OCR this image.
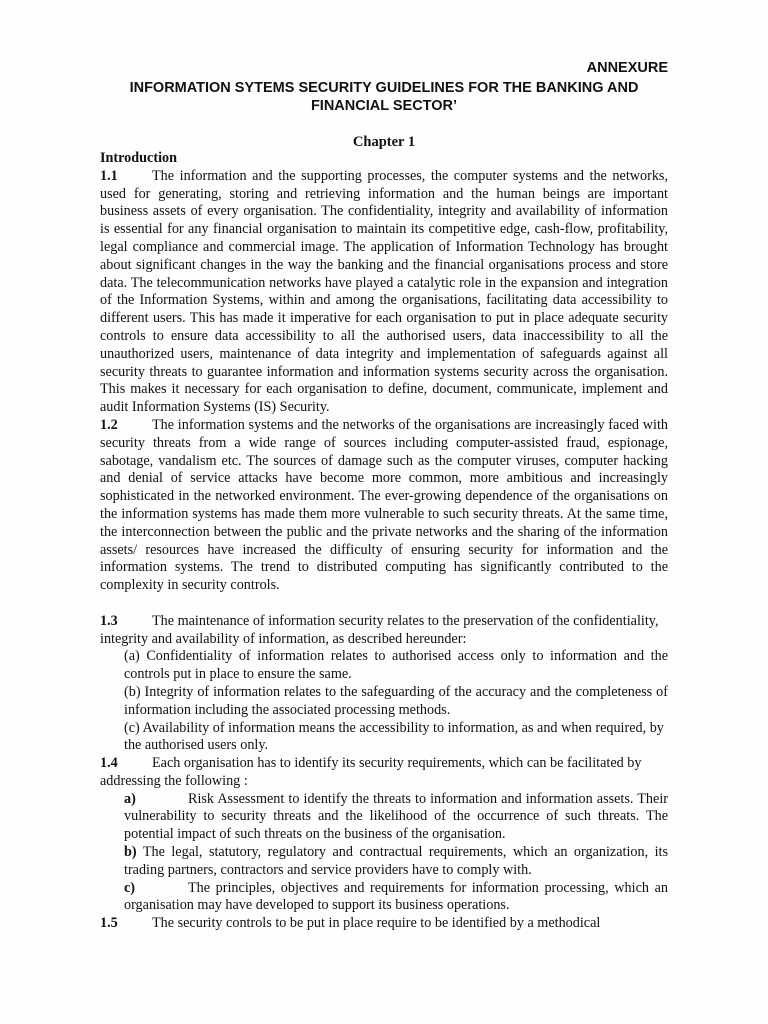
ANNEXURE
INFORMATION SYTEMS SECURITY GUIDELINES FOR THE BANKING AND FINANCIAL SECTOR’
Chapter 1

Introduction

1.1 The information and the supporting processes, the computer systems and the networks, used for generating, storing and retrieving information and the human beings are important business assets of every organisation. The confidentiality, integrity and availability of information is essential for any financial organisation to maintain its competitive edge, cash-flow, profitability, legal compliance and commercial image. The application of Information Technology has brought about significant changes in the way the banking and the financial organisations process and store data. The telecommunication networks have played a catalytic role in the expansion and integration of the Information Systems, within and among the organisations, facilitating data accessibility to different users. This has made it imperative for each organisation to put in place adequate security controls to ensure data accessibility to all the authorised users, data inaccessibility to all the unauthorized users, maintenance of data integrity and implementation of safeguards against all security threats to guarantee information and information systems security across the organisation. This makes it necessary for each organisation to define, document, communicate, implement and audit Information Systems (IS) Security.

1.2 The information systems and the networks of the organisations are increasingly faced with security threats from a wide range of sources including computer-assisted fraud, espionage, sabotage, vandalism etc. The sources of damage such as the computer viruses, computer hacking and denial of service attacks have become more common, more ambitious and increasingly sophisticated in the networked environment. The ever-growing dependence of the organisations on the information systems has made them more vulnerable to such security threats. At the same time, the interconnection between the public and the private networks and the sharing of the information assets/ resources have increased the difficulty of ensuring security for information and the information systems. The trend to distributed computing has significantly contributed to the complexity in security controls.

1.3 The maintenance of information security relates to the preservation of the confidentiality, integrity and availability of information, as described hereunder:

(a) Confidentiality of information relates to authorised access only to information and the controls put in place to ensure the same.

(b) Integrity of information relates to the safeguarding of the accuracy and the completeness of information including the associated processing methods.

(c) Availability of information means the accessibility to information, as and when required, by the authorised users only.

1.4 Each organisation has to identify its security requirements, which can be facilitated by addressing the following :

a)	Risk Assessment to identify the threats to information and information assets. Their vulnerability to security threats and the likelihood of the occurrence of such threats. The potential impact of such threats on the business of the organisation.

b) The legal, statutory, regulatory and contractual requirements, which an organization, its trading partners, contractors and service providers have to comply with.

c)	The principles, objectives and requirements for information processing, which an organisation may have developed to support its business operations.

1.5 The security controls to be put in place require to be identified by a methodical
